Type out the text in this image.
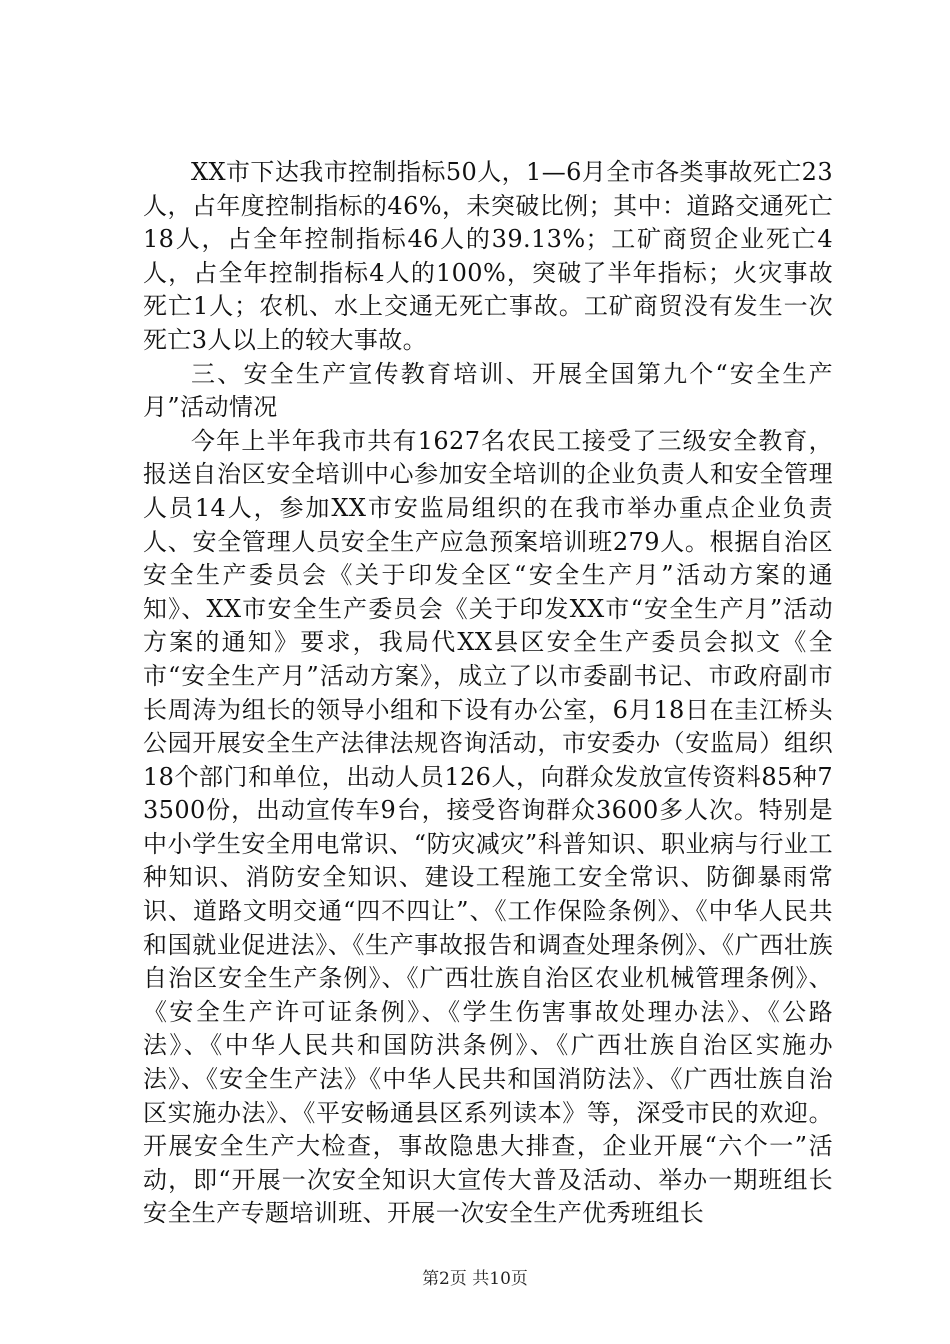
XX市下达我市控制指标50人，1—6月全市各类事故死亡23人，占年度控制指标的46%，未突破比例；其中：道路交通死亡18人，占全年控制指标46人的39.13%；工矿商贸企业死亡4人，占全年控制指标4人的100%，突破了半年指标；火灾事故死亡1人；农机、水上交通无死亡事故。工矿商贸没有发生一次死亡3人以上的较大事故。

三、安全生产宣传教育培训、开展全国第九个“安全生产月”活动情况

今年上半年我市共有1627名农民工接受了三级安全教育，报送自治区安全培训中心参加安全培训的企业负责人和安全管理人员14人，参加XX市安监局组织的在我市举办重点企业负责人、安全管理人员安全生产应急预案培训班279人。根据自治区安全生产委员会《关于印发全区“安全生产月”活动方案的通知》、XX市安全生产委员会《关于印发XX市“安全生产月”活动方案的通知》要求，我局代XX县区安全生产委员会拟文《全市“安全生产月”活动方案》，成立了以市委副书记、市政府副市长周涛为组长的领导小组和下设有办公室，6月18日在圭江桥头公园开展安全生产法律法规咨询活动，市安委办（安监局）组织18个部门和单位，出动人员126人，向群众发放宣传资料85种73500份，出动宣传车9台，接受咨询群众3600多人次。特别是中小学生安全用电常识、“防灾减灾”科普知识、职业病与行业工种知识、消防安全知识、建设工程施工安全常识、防御暴雨常识、道路文明交通“四不四让”、《工作保险条例》、《中华人民共和国就业促进法》、《生产事故报告和调查处理条例》、《广西壮族自治区安全生产条例》、《广西壮族自治区农业机械管理条例》、《安全生产许可证条例》、《学生伤害事故处理办法》、《公路法》、《中华人民共和国防洪条例》、《广西壮族自治区实施办法》、《安全生产法》《中华人民共和国消防法》、《广西壮族自治区实施办法》、《平安畅通县区系列读本》等，深受市民的欢迎。开展安全生产大检查，事故隐患大排查，企业开展“六个一”活动，即“开展一次安全知识大宣传大普及活动、举办一期班组长安全生产专题培训班、开展一次安全生产优秀班组长

第2页 共10页
